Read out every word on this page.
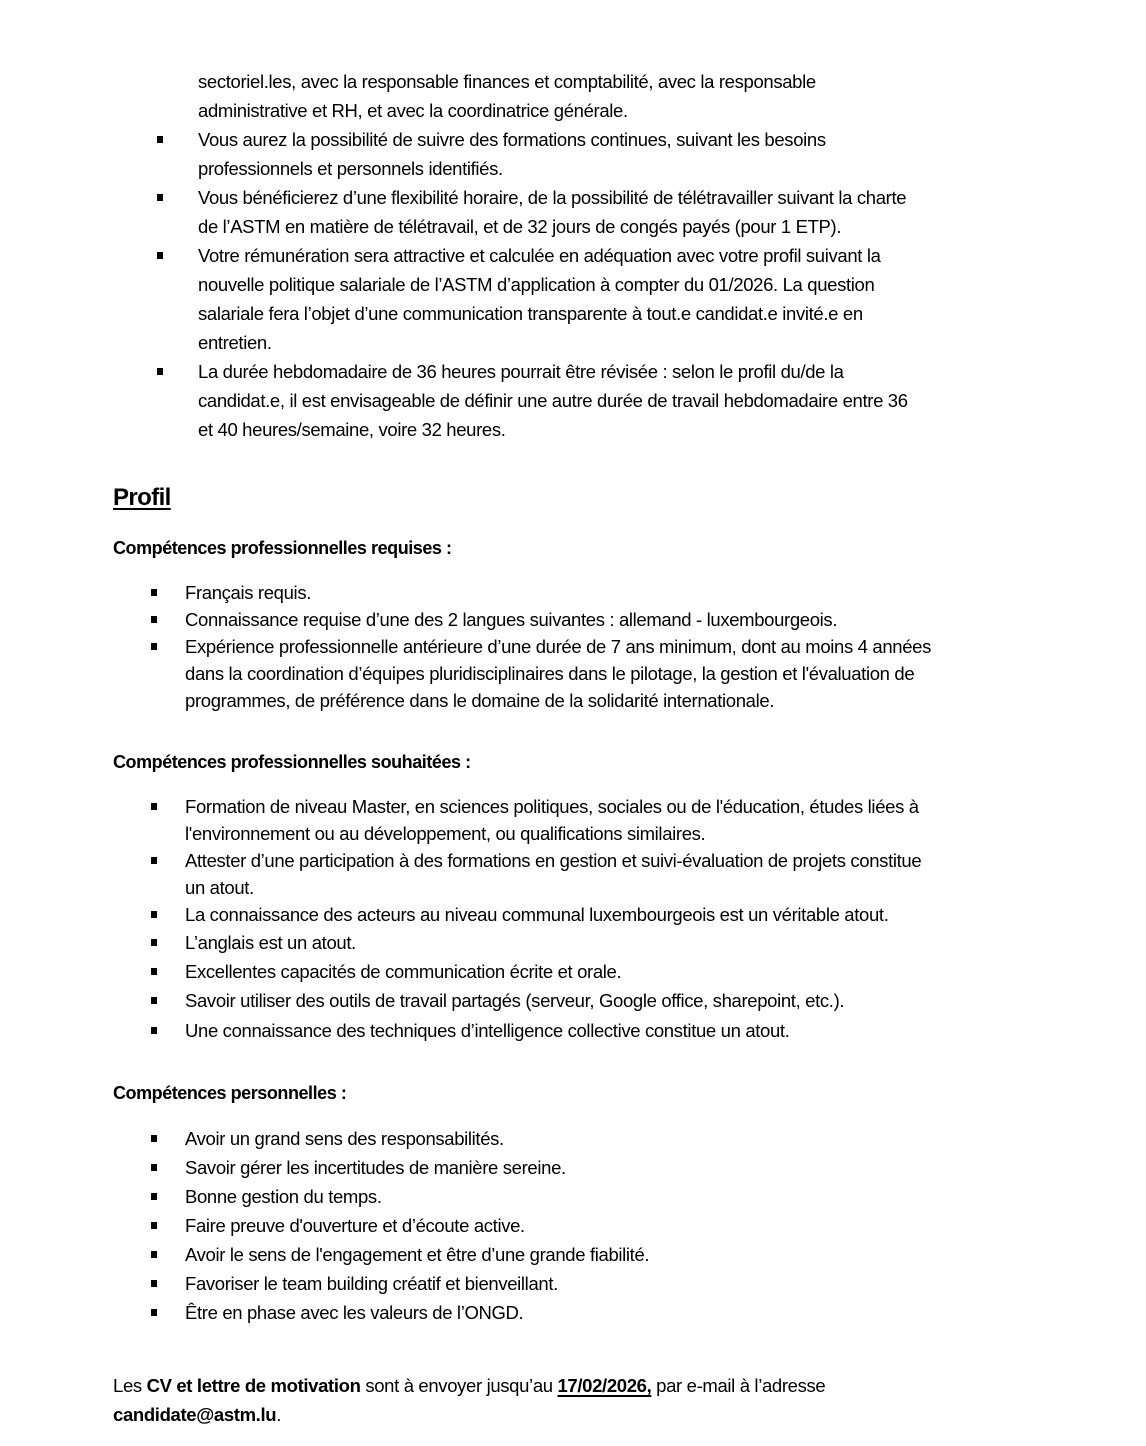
sectoriel.les, avec la responsable finances et comptabilité, avec la responsable
administrative et RH, et avec la coordinatrice générale.
Vous aurez la possibilité de suivre des formations continues, suivant les besoins
professionnels et personnels identifiés.
Vous bénéficierez d’une flexibilité horaire, de la possibilité de télétravailler suivant la charte
de l’ASTM en matière de télétravail, et de 32 jours de congés payés (pour 1 ETP).
Votre rémunération sera attractive et calculée en adéquation avec votre profil suivant la
nouvelle politique salariale de l’ASTM d’application à compter du 01/2026. La question
salariale fera l’objet d’une communication transparente à tout.e candidat.e invité.e en
entretien.
La durée hebdomadaire de 36 heures pourrait être révisée : selon le profil du/de la
candidat.e, il est envisageable de définir une autre durée de travail hebdomadaire entre 36
et 40 heures/semaine, voire 32 heures.
Profil
Compétences professionnelles requises :
Français requis.
Connaissance requise d’une des 2 langues suivantes : allemand - luxembourgeois.
Expérience professionnelle antérieure d’une durée de 7 ans minimum, dont au moins 4 années
dans la coordination d’équipes pluridisciplinaires dans le pilotage, la gestion et l'évaluation de
programmes, de préférence dans le domaine de la solidarité internationale.
Compétences professionnelles souhaitées :
Formation de niveau Master, en sciences politiques, sociales ou de l'éducation, études liées à
l'environnement ou au développement, ou qualifications similaires.
Attester d’une participation à des formations en gestion et suivi-évaluation de projets constitue
un atout.
La connaissance des acteurs au niveau communal luxembourgeois est un véritable atout.
L’anglais est un atout.
Excellentes capacités de communication écrite et orale.
Savoir utiliser des outils de travail partagés (serveur, Google office, sharepoint, etc.).
Une connaissance des techniques d’intelligence collective constitue un atout.
Compétences personnelles :
Avoir un grand sens des responsabilités.
Savoir gérer les incertitudes de manière sereine.
Bonne gestion du temps.
Faire preuve d'ouverture et d’écoute active.
Avoir le sens de l'engagement et être d’une grande fiabilité.
Favoriser le team building créatif et bienveillant.
Être en phase avec les valeurs de l’ONGD.
Les CV et lettre de motivation sont à envoyer jusqu’au 17/02/2026, par e-mail à l’adresse
candidate@astm.lu.
